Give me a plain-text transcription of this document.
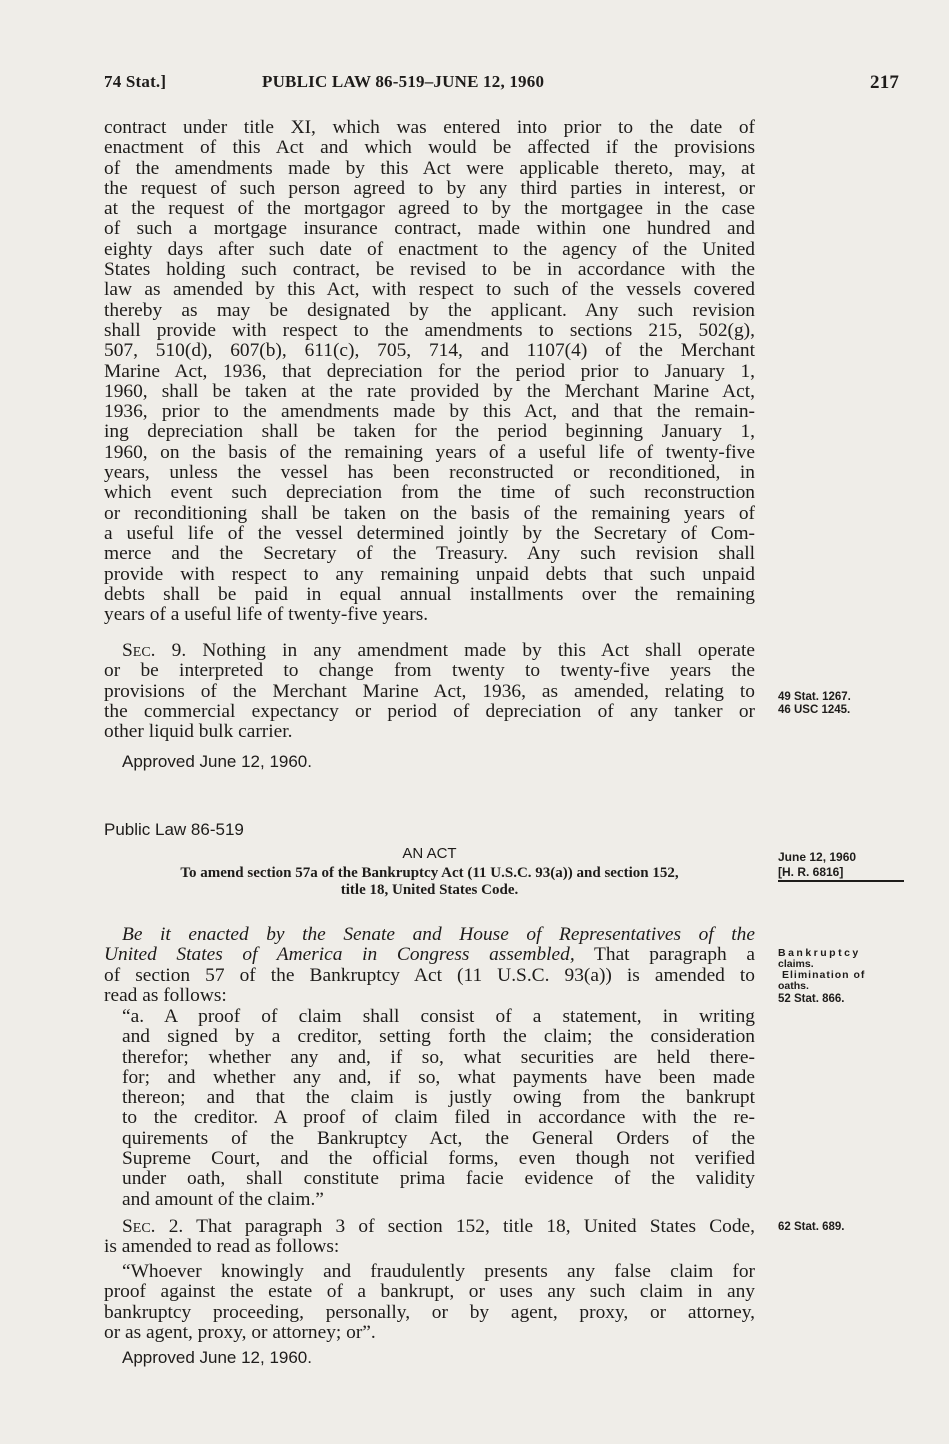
74 Stat.]	PUBLIC LAW 86-519–JUNE 12, 1960	217
contract under title XI, which was entered into prior to the date of
enactment of this Act and which would be affected if the provisions
of the amendments made by this Act were applicable thereto, may, at
the request of such person agreed to by any third parties in interest, or
at the request of the mortgagor agreed to by the mortgagee in the case
of such a mortgage insurance contract, made within one hundred and
eighty days after such date of enactment to the agency of the United
States holding such contract, be revised to be in accordance with the
law as amended by this Act, with respect to such of the vessels covered
thereby as may be designated by the applicant. Any such revision
shall provide with respect to the amendments to sections 215, 502(g),
507, 510(d), 607(b), 611(c), 705, 714, and 1107(4) of the Merchant
Marine Act, 1936, that depreciation for the period prior to January 1,
1960, shall be taken at the rate provided by the Merchant Marine Act,
1936, prior to the amendments made by this Act, and that the remain-
ing depreciation shall be taken for the period beginning January 1,
1960, on the basis of the remaining years of a useful life of twenty-five
years, unless the vessel has been reconstructed or reconditioned, in
which event such depreciation from the time of such reconstruction
or reconditioning shall be taken on the basis of the remaining years of
a useful life of the vessel determined jointly by the Secretary of Com-
merce and the Secretary of the Treasury. Any such revision shall
provide with respect to any remaining unpaid debts that such unpaid
debts shall be paid in equal annual installments over the remaining
years of a useful life of twenty-five years.
Sec. 9. Nothing in any amendment made by this Act shall operate
or be interpreted to change from twenty to twenty-five years the
provisions of the Merchant Marine Act, 1936, as amended, relating to
the commercial expectancy or period of depreciation of any tanker or
other liquid bulk carrier.
49 Stat. 1267.
46 USC 1245.
Approved June 12, 1960.
Public Law 86-519
AN ACT
To amend section 57a of the Bankruptcy Act (11 U.S.C. 93(a)) and section 152,
title 18, United States Code.
June 12, 1960
[H. R. 6816]
Be it enacted by the Senate and House of Representatives of the
United States of America in Congress assembled, That paragraph a
of section 57 of the Bankruptcy Act (11 U.S.C. 93(a)) is amended to
read as follows:
Bankruptcy
claims.
Elimination of
oaths.
52 Stat. 866.
“a. A proof of claim shall consist of a statement, in writing
and signed by a creditor, setting forth the claim; the consideration
therefor; whether any and, if so, what securities are held there-
for; and whether any and, if so, what payments have been made
thereon; and that the claim is justly owing from the bankrupt
to the creditor. A proof of claim filed in accordance with the re-
quirements of the Bankruptcy Act, the General Orders of the
Supreme Court, and the official forms, even though not verified
under oath, shall constitute prima facie evidence of the validity
and amount of the claim.”
Sec. 2. That paragraph 3 of section 152, title 18, United States Code,
is amended to read as follows:
62 Stat. 689.
“Whoever knowingly and fraudulently presents any false claim for
proof against the estate of a bankrupt, or uses any such claim in any
bankruptcy proceeding, personally, or by agent, proxy, or attorney,
or as agent, proxy, or attorney; or”.
Approved June 12, 1960.
